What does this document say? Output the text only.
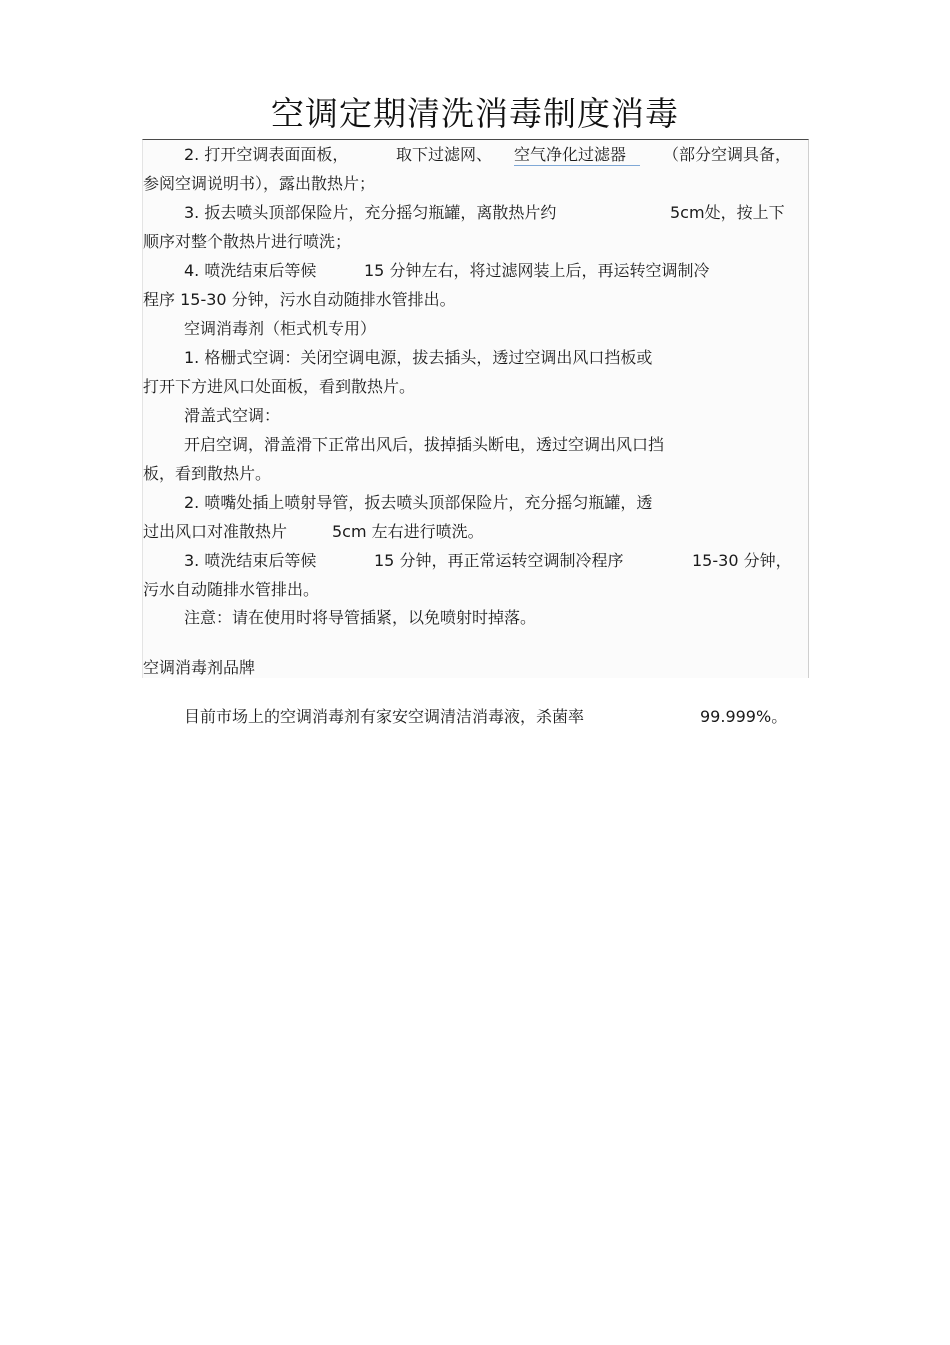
空调定期清洗消毒制度消毒
2. 打开空调表面面板，	取下过滤网、 空气净化过滤器	（部分空调具备，
参阅空调说明书），露出散热片；
3. 扳去喷头顶部保险片，充分摇匀瓶罐，离散热片约	5cm处，按上下
顺序对整个散热片进行喷洗；
4. 喷洗结束后等候	15 分钟左右，将过滤网装上后，再运转空调制冷
程序 15-30 分钟，污水自动随排水管排出。
空调消毒剂（柜式机专用）
1. 格栅式空调：关闭空调电源，拔去插头，透过空调出风口挡板或
打开下方进风口处面板，看到散热片。
滑盖式空调：
开启空调，滑盖滑下正常出风后，拔掉插头断电，透过空调出风口挡
板，看到散热片。
2. 喷嘴处插上喷射导管，扳去喷头顶部保险片，充分摇匀瓶罐，透
过出风口对准散热片	5cm 左右进行喷洗。
3. 喷洗结束后等候	15 分钟，再正常运转空调制冷程序	15-30 分钟，
污水自动随排水管排出。
注意：请在使用时将导管插紧，以免喷射时掉落。
空调消毒剂品牌
目前市场上的空调消毒剂有家安空调清洁消毒液，杀菌率	99.999%。
